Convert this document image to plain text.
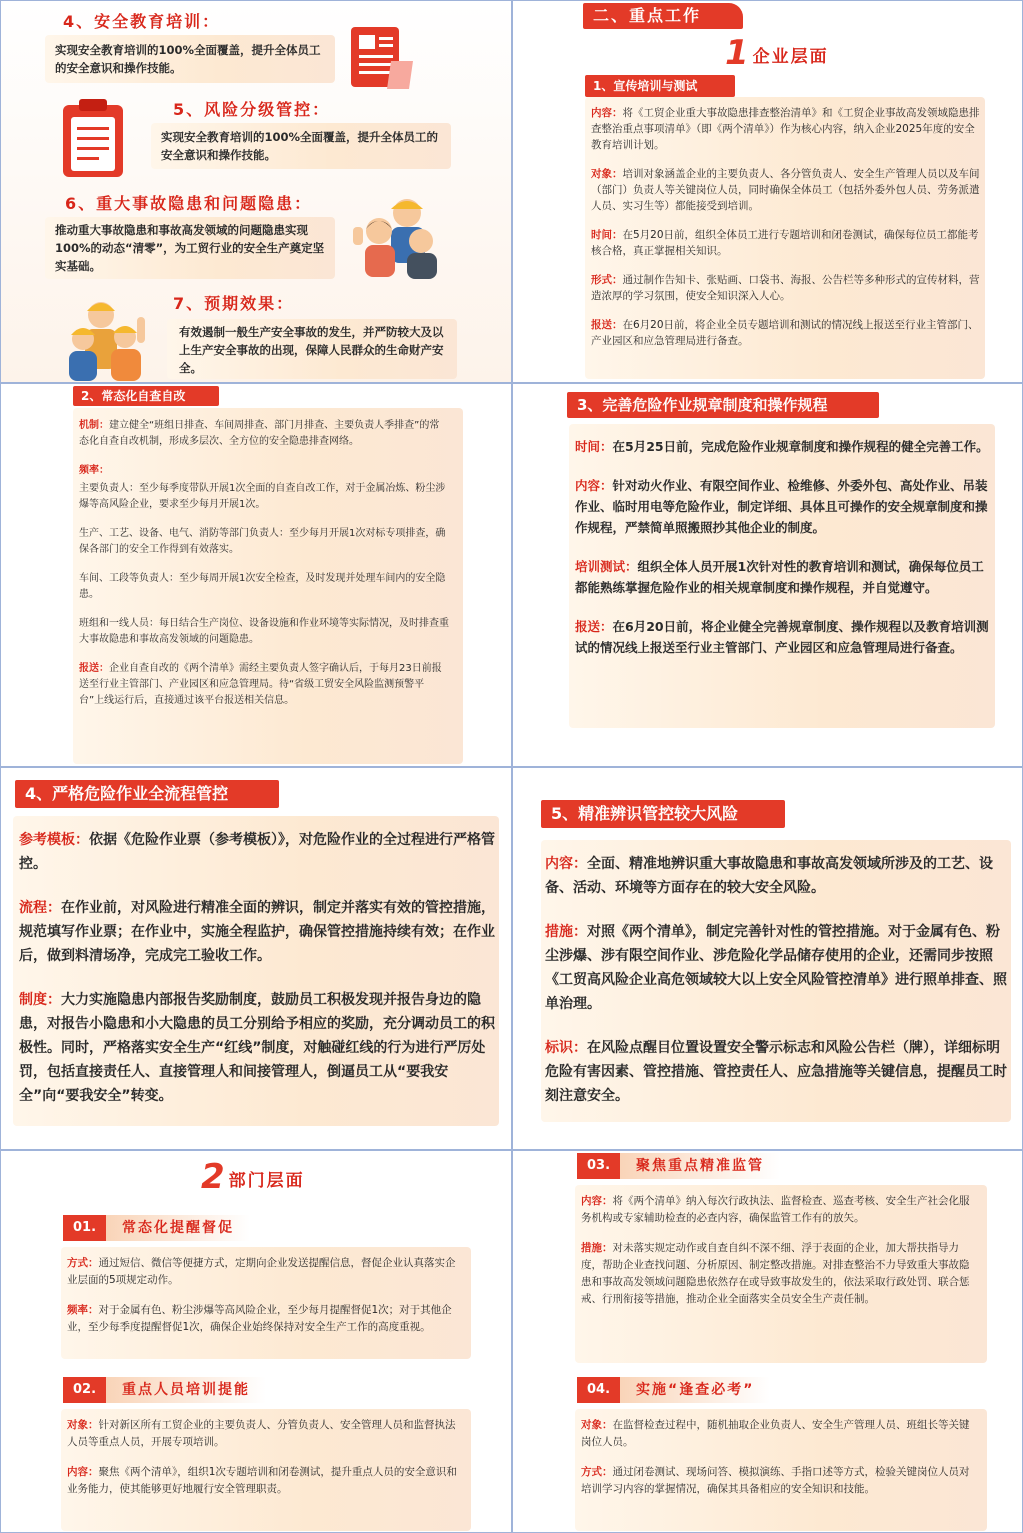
4、安全教育培训：
实现安全教育培训的100%全面覆盖，提升全体员工的安全意识和操作技能。
5、风险分级管控：
实现安全教育培训的100%全面覆盖，提升全体员工的安全意识和操作技能。
6、重大事故隐患和问题隐患：
推动重大事故隐患和事故高发领域的问题隐患实现100%的动态“清零”，为工贸行业的安全生产奠定坚实基础。
7、预期效果：
有效遏制一般生产安全事故的发生，并严防较大及以上生产安全事故的出现，保障人民群众的生命财产安全。
二、重点工作
1 企业层面
1、宣传培训与测试
内容：将《工贸企业重大事故隐患排查整治清单》和《工贸企业事故高发领域隐患排查整治重点事项清单》（即《两个清单》）作为核心内容，纳入企业2025年度的安全教育培训计划。
对象：培训对象涵盖企业的主要负责人、各分管负责人、安全生产管理人员以及车间（部门）负责人等关键岗位人员，同时确保全体员工（包括外委外包人员、劳务派遣人员、实习生等）都能接受到培训。
时间：在5月20日前，组织全体员工进行专题培训和闭卷测试，确保每位员工都能考核合格，真正掌握相关知识。
形式：通过制作告知卡、张贴画、口袋书、海报、公告栏等多种形式的宣传材料，营造浓厚的学习氛围，使安全知识深入人心。
报送：在6月20日前，将企业全员专题培训和测试的情况线上报送至行业主管部门、产业园区和应急管理局进行备查。
2、常态化自查自改
机制：建立健全“班组日排查、车间周排查、部门月排查、主要负责人季排查”的常态化自查自改机制，形成多层次、全方位的安全隐患排查网络。
频率：
主要负责人：至少每季度带队开展1次全面的自查自改工作，对于金属冶炼、粉尘涉爆等高风险企业，要求至少每月开展1次。
生产、工艺、设备、电气、消防等部门负责人：至少每月开展1次对标专项排查，确保各部门的安全工作得到有效落实。
车间、工段等负责人：至少每周开展1次安全检查，及时发现并处理车间内的安全隐患。
班组和一线人员：每日结合生产岗位、设备设施和作业环境等实际情况，及时排查重大事故隐患和事故高发领域的问题隐患。
报送：企业自查自改的《两个清单》需经主要负责人签字确认后，于每月23日前报送至行业主管部门、产业园区和应急管理局。待“省级工贸安全风险监测预警平台”上线运行后，直接通过该平台报送相关信息。
3、完善危险作业规章制度和操作规程
时间：在5月25日前，完成危险作业规章制度和操作规程的健全完善工作。
内容：针对动火作业、有限空间作业、检维修、外委外包、高处作业、吊装作业、临时用电等危险作业，制定详细、具体且可操作的安全规章制度和操作规程，严禁简单照搬照抄其他企业的制度。
培训测试：组织全体人员开展1次针对性的教育培训和测试，确保每位员工都能熟练掌握危险作业的相关规章制度和操作规程，并自觉遵守。
报送：在6月20日前，将企业健全完善规章制度、操作规程以及教育培训测试的情况线上报送至行业主管部门、产业园区和应急管理局进行备查。
4、严格危险作业全流程管控
参考模板：依据《危险作业票（参考模板）》，对危险作业的全过程进行严格管控。
流程：在作业前，对风险进行精准全面的辨识，制定并落实有效的管控措施，规范填写作业票；在作业中，实施全程监护，确保管控措施持续有效；在作业后，做到料清场净，完成完工验收工作。
制度：大力实施隐患内部报告奖励制度，鼓励员工积极发现并报告身边的隐患，对报告小隐患和小大隐患的员工分别给予相应的奖励，充分调动员工的积极性。同时，严格落实安全生产“红线”制度，对触碰红线的行为进行严厉处罚，包括直接责任人、直接管理人和间接管理人，倒逼员工从“要我安全”向“要我安全”转变。
5、精准辨识管控较大风险
内容：全面、精准地辨识重大事故隐患和事故高发领域所涉及的工艺、设备、活动、环境等方面存在的较大安全风险。
措施：对照《两个清单》，制定完善针对性的管控措施。对于金属有色、粉尘涉爆、涉有限空间作业、涉危险化学品储存使用的企业，还需同步按照《工贸高风险企业高危领域较大以上安全风险管控清单》进行照单排查、照单治理。
标识：在风险点醒目位置设置安全警示标志和风险公告栏（牌），详细标明危险有害因素、管控措施、管控责任人、应急措施等关键信息，提醒员工时刻注意安全。
2 部门层面
01.	常态化提醒督促
方式：通过短信、微信等便捷方式，定期向企业发送提醒信息，督促企业认真落实企业层面的5项规定动作。
频率：对于金属有色、粉尘涉爆等高风险企业，至少每月提醒督促1次；对于其他企业，至少每季度提醒督促1次，确保企业始终保持对安全生产工作的高度重视。
02.	重点人员培训提能
对象：针对新区所有工贸企业的主要负责人、分管负责人、安全管理人员和监督执法人员等重点人员，开展专项培训。
内容：聚焦《两个清单》，组织1次专题培训和闭卷测试，提升重点人员的安全意识和业务能力，使其能够更好地履行安全管理职责。
03.	聚焦重点精准监管
内容：将《两个清单》纳入每次行政执法、监督检查、巡查考核、安全生产社会化服务机构或专家辅助检查的必查内容，确保监管工作有的放矢。
措施：对未落实规定动作或自查自纠不深不细、浮于表面的企业，加大帮扶指导力度，帮助企业查找问题、分析原因、制定整改措施。对排查整治不力导致重大事故隐患和事故高发领域问题隐患依然存在或导致事故发生的，依法采取行政处罚、联合惩戒、行刑衔接等措施，推动企业全面落实全员安全生产责任制。
04.	实施“逢查必考”
对象：在监督检查过程中，随机抽取企业负责人、安全生产管理人员、班组长等关键岗位人员。
方式：通过闭卷测试、现场问答、模拟演练、手指口述等方式，检验关键岗位人员对培训学习内容的掌握情况，确保其具备相应的安全知识和技能。
